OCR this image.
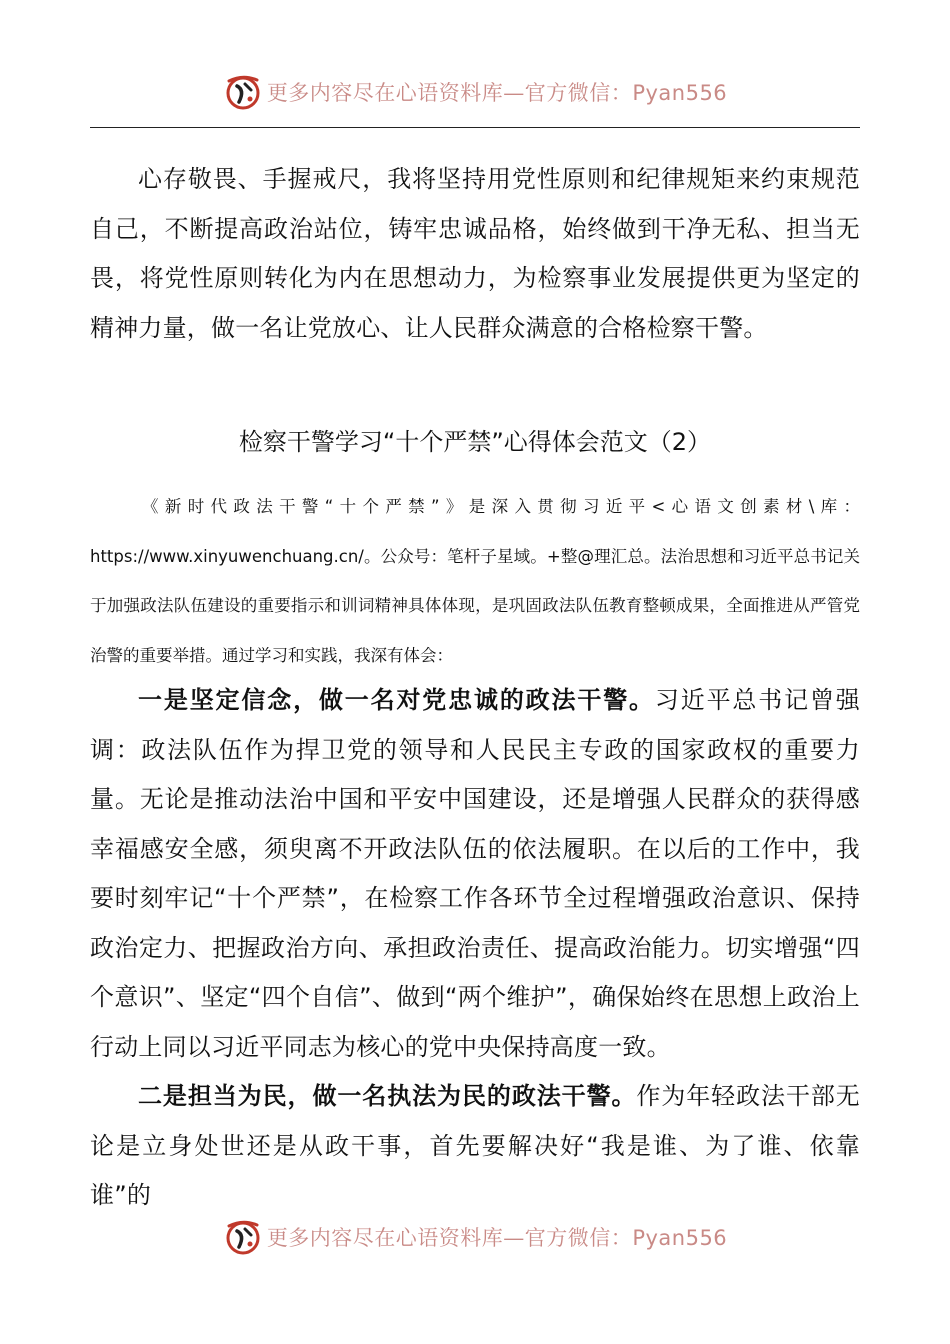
更多内容尽在心语资料库—官方微信：Pyan556

心存敬畏、手握戒尺，我将坚持用党性原则和纪律规矩来约束规范自己，不断提高政治站位，铸牢忠诚品格，始终做到干净无私、担当无畏，将党性原则转化为内在思想动力，为检察事业发展提供更为坚定的精神力量，做一名让党放心、让人民群众满意的合格检察干警。

检察干警学习“十个严禁”心得体会范文（2）

《新时代政法干警“十个严禁”》是深入贯彻习近平<心语文创素材\库：https://www.xinyuwenchuang.cn/。公众号：笔杆子星域。+整@理汇总。法治思想和习近平总书记关于加强政法队伍建设的重要指示和训词精神具体体现，是巩固政法队伍教育整顿成果，全面推进从严管党治警的重要举措。通过学习和实践，我深有体会：

一是坚定信念，做一名对党忠诚的政法干警。习近平总书记曾强调：政法队伍作为捍卫党的领导和人民民主专政的国家政权的重要力量。无论是推动法治中国和平安中国建设，还是增强人民群众的获得感幸福感安全感，须臾离不开政法队伍的依法履职。在以后的工作中，我要时刻牢记“十个严禁”，在检察工作各环节全过程增强政治意识、保持政治定力、把握政治方向、承担政治责任、提高政治能力。切实增强“四个意识”、坚定“四个自信”、做到“两个维护”，确保始终在思想上政治上行动上同以习近平同志为核心的党中央保持高度一致。

二是担当为民，做一名执法为民的政法干警。作为年轻政法干部无论是立身处世还是从政干事，首先要解决好“我是谁、为了谁、依靠谁”的

更多内容尽在心语资料库—官方微信：Pyan556
